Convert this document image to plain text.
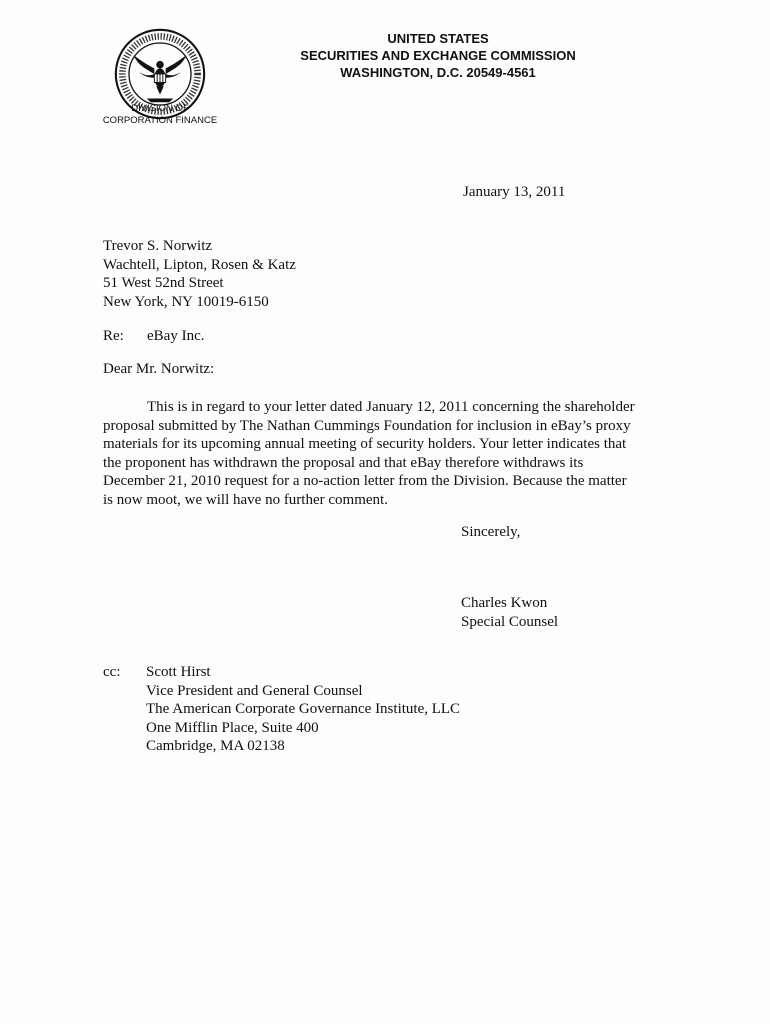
DIVISION OF
CORPORATION FINANCE
UNITED STATES
SECURITIES AND EXCHANGE COMMISSION
WASHINGTON, D.C. 20549-4561
January 13, 2011
Trevor S. Norwitz
Wachtell, Lipton, Rosen & Katz
51 West 52nd Street
New York, NY 10019-6150
Re: eBay Inc.
Dear Mr. Norwitz:
This is in regard to your letter dated January 12, 2011 concerning the shareholder
proposal submitted by The Nathan Cummings Foundation for inclusion in eBay’s proxy
materials for its upcoming annual meeting of security holders. Your letter indicates that
the proponent has withdrawn the proposal and that eBay therefore withdraws its
December 21, 2010 request for a no-action letter from the Division. Because the matter
is now moot, we will have no further comment.
Sincerely,
Charles Kwon
Special Counsel
cc: Scott Hirst
Vice President and General Counsel
The American Corporate Governance Institute, LLC
One Mifflin Place, Suite 400
Cambridge, MA 02138
